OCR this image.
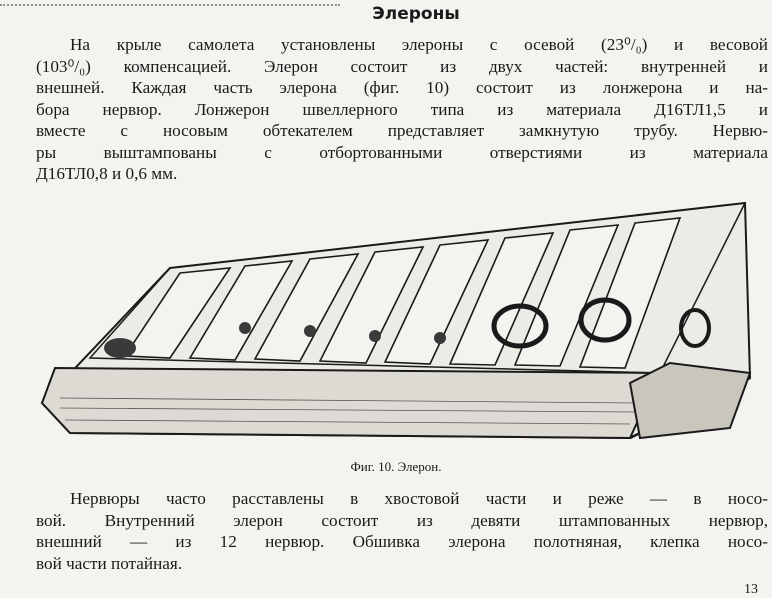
Элероны
На крыле самолета установлены элероны с осевой (23⁰/₀) и весовой
(103⁰/₀) компенсацией. Элерон состоит из двух частей: внутренней и
внешней. Каждая часть элерона (фиг. 10) состоит из лонжерона и на-
бора нервюр. Лонжерон швеллерного типа из материала Д16ТЛ1,5 и
вместе с носовым обтекателем представляет замкнутую трубу. Нервю-
ры выштампованы с отбортованными отверстиями из материала
Д16ТЛ0,8 и 0,6 мм.
Фиг. 10. Элерон.
Нервюры часто расставлены в хвостовой части и реже — в носо-
вой. Внутренний элерон состоит из девяти штампованных нервюр,
внешний — из 12 нервюр. Обшивка элерона полотняная, клепка носо-
вой части потайная.
13
